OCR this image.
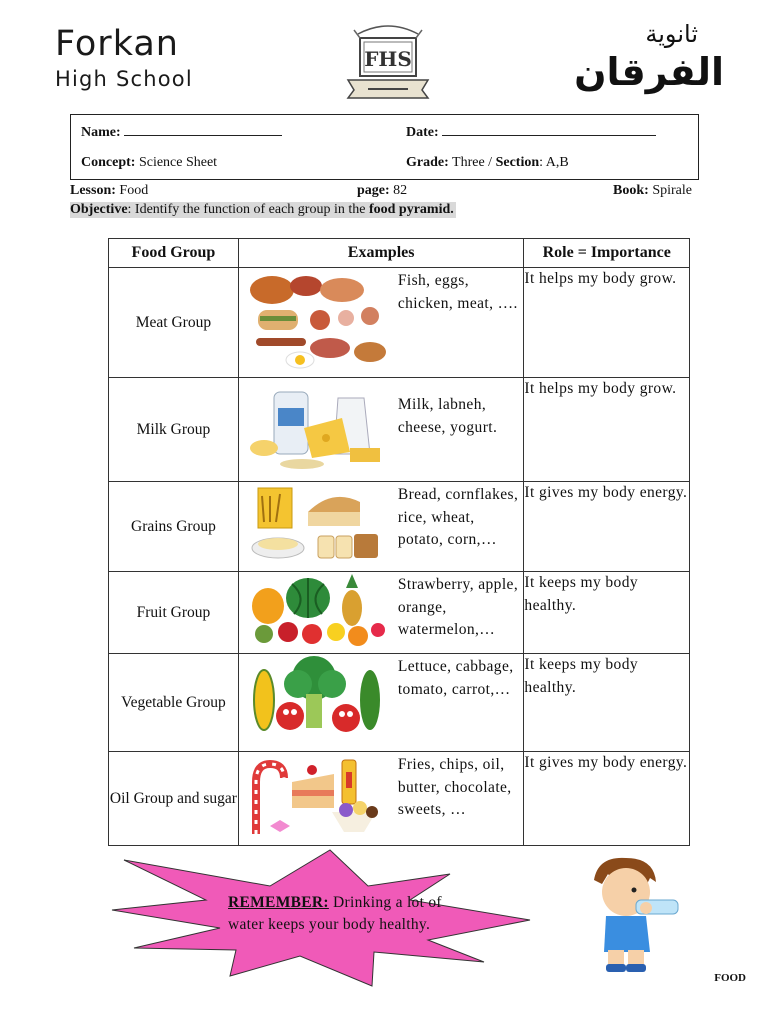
Forkan
High School
FHS
ثانوية
الفرقان
Name:	Date:
Concept: Science Sheet	Grade: Three / Section: A,B
Lesson: Food	page: 82	Book: Spirale
Objective: Identify the function of each group in the food pyramid.
Food Group	Examples	Role = Importance
Meat Group	Fish, eggs, chicken, meat, ….	It helps my body grow.
Milk Group	Milk, labneh, cheese, yogurt.	It helps my body grow.
Grains Group	Bread, cornflakes, rice, wheat, potato, corn,…	It gives my body energy.
Fruit Group	Strawberry, apple, orange, watermelon,…	It keeps my body healthy.
Vegetable Group	Lettuce, cabbage, tomato, carrot,…	It keeps my body healthy.
Oil Group and sugar	Fries, chips, oil, butter, chocolate, sweets, …	It gives my body energy.
REMEMBER: Drinking a lot of water keeps your body healthy.
FOOD
